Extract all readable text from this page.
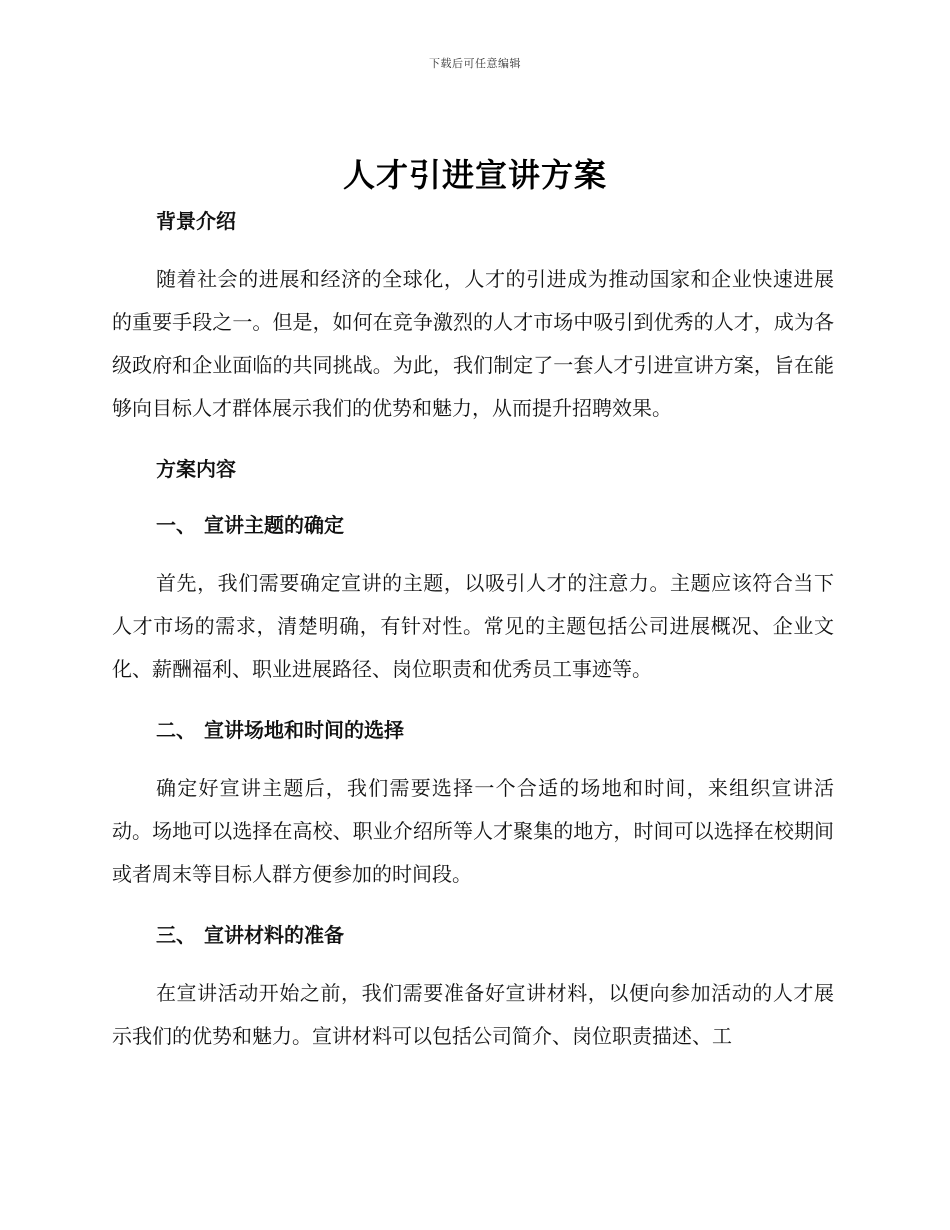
下载后可任意编辑
人才引进宣讲方案
背景介绍

随着社会的进展和经济的全球化，人才的引进成为推动国家和企业快速进展的重要手段之一。但是，如何在竞争激烈的人才市场中吸引到优秀的人才，成为各级政府和企业面临的共同挑战。为此，我们制定了一套人才引进宣讲方案，旨在能够向目标人才群体展示我们的优势和魅力，从而提升招聘效果。

方案内容
一、 宣讲主题的确定

首先，我们需要确定宣讲的主题，以吸引人才的注意力。主题应该符合当下人才市场的需求，清楚明确，有针对性。常见的主题包括公司进展概况、企业文化、薪酬福利、职业进展路径、岗位职责和优秀员工事迹等。

二、 宣讲场地和时间的选择

确定好宣讲主题后，我们需要选择一个合适的场地和时间，来组织宣讲活动。场地可以选择在高校、职业介绍所等人才聚集的地方，时间可以选择在校期间或者周末等目标人群方便参加的时间段。

三、 宣讲材料的准备

在宣讲活动开始之前，我们需要准备好宣讲材料，以便向参加活动的人才展示我们的优势和魅力。宣讲材料可以包括公司简介、岗位职责描述、工
